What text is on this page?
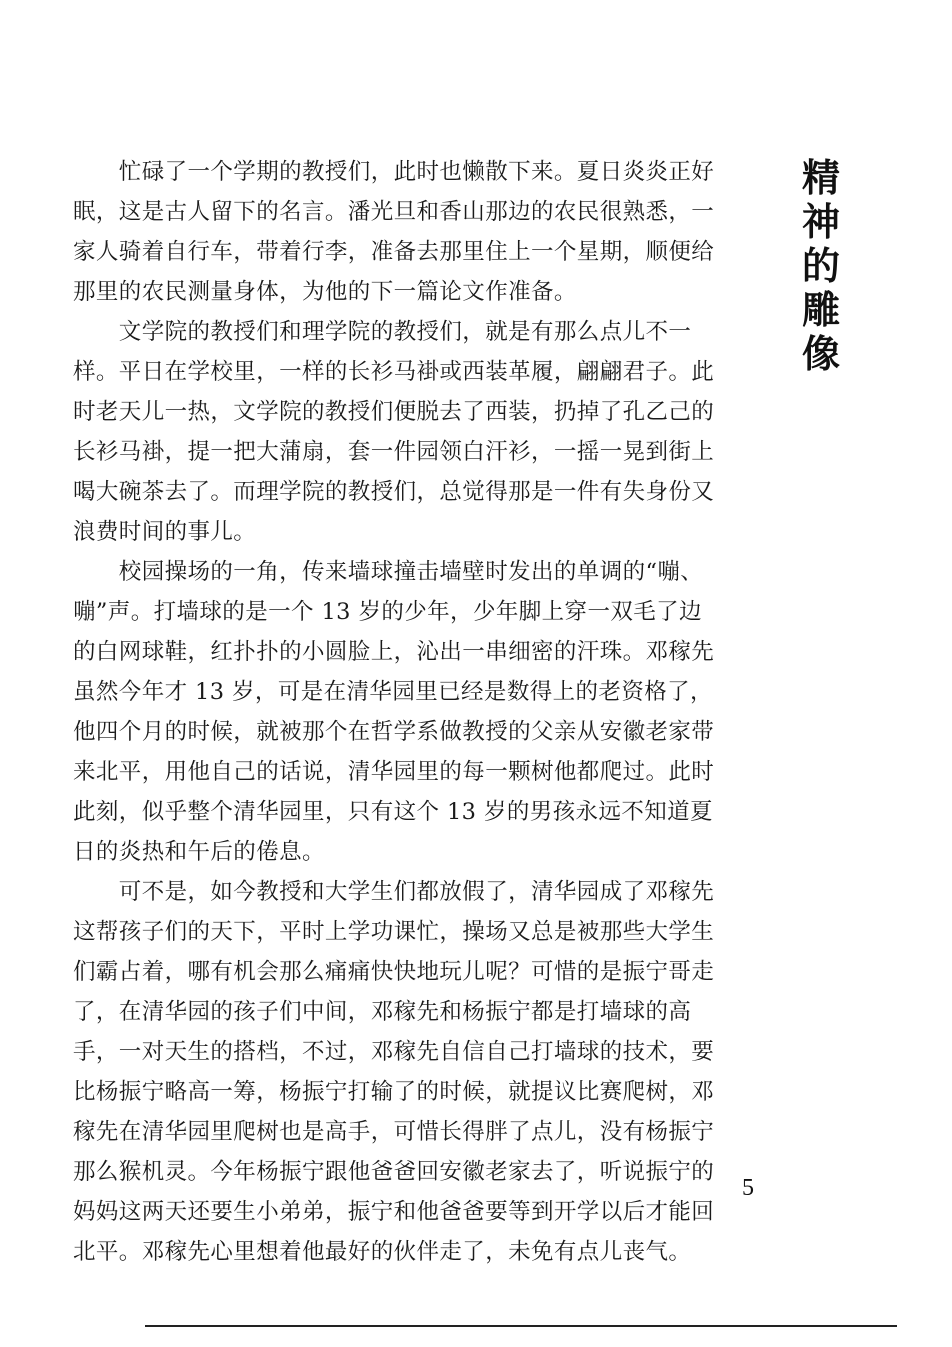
精
神
的
雕
像
　　忙碌了一个学期的教授们，此时也懒散下来。夏日炎炎正好
眠，这是古人留下的名言。潘光旦和香山那边的农民很熟悉，一
家人骑着自行车，带着行李，准备去那里住上一个星期，顺便给
那里的农民测量身体，为他的下一篇论文作准备。
　　文学院的教授们和理学院的教授们，就是有那么点儿不一
样。平日在学校里，一样的长衫马褂或西装革履，翩翩君子。此
时老天儿一热，文学院的教授们便脱去了西装，扔掉了孔乙己的
长衫马褂，提一把大蒲扇，套一件园领白汗衫，一摇一晃到街上
喝大碗茶去了。而理学院的教授们，总觉得那是一件有失身份又
浪费时间的事儿。
　　校园操场的一角，传来墙球撞击墙壁时发出的单调的“嘣、
嘣”声。打墙球的是一个 13 岁的少年，少年脚上穿一双毛了边
的白网球鞋，红扑扑的小圆脸上，沁出一串细密的汗珠。邓稼先
虽然今年才 13 岁，可是在清华园里已经是数得上的老资格了，
他四个月的时候，就被那个在哲学系做教授的父亲从安徽老家带
来北平，用他自己的话说，清华园里的每一颗树他都爬过。此时
此刻，似乎整个清华园里，只有这个 13 岁的男孩永远不知道夏
日的炎热和午后的倦息。
　　可不是，如今教授和大学生们都放假了，清华园成了邓稼先
这帮孩子们的天下，平时上学功课忙，操场又总是被那些大学生
们霸占着，哪有机会那么痛痛快快地玩儿呢？可惜的是振宁哥走
了，在清华园的孩子们中间，邓稼先和杨振宁都是打墙球的高
手，一对天生的搭档，不过，邓稼先自信自己打墙球的技术，要
比杨振宁略高一筹，杨振宁打输了的时候，就提议比赛爬树，邓
稼先在清华园里爬树也是高手，可惜长得胖了点儿，没有杨振宁
那么猴机灵。今年杨振宁跟他爸爸回安徽老家去了，听说振宁的
妈妈这两天还要生小弟弟，振宁和他爸爸要等到开学以后才能回
北平。邓稼先心里想着他最好的伙伴走了，未免有点儿丧气。
5
